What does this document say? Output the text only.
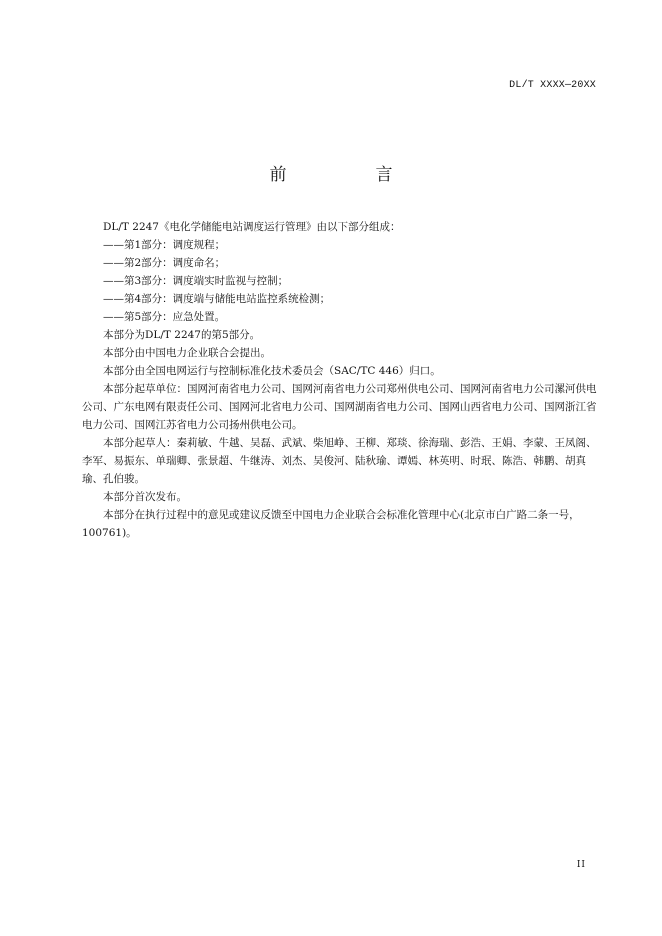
DL/T XXXX—20XX
前　言

DL/T 2247《电化学储能电站调度运行管理》由以下部分组成：

——第1部分：调度规程；

——第2部分：调度命名；

——第3部分：调度端实时监视与控制；

——第4部分：调度端与储能电站监控系统检测；

——第5部分：应急处置。

本部分为DL/T 2247的第5部分。

本部分由中国电力企业联合会提出。

本部分由全国电网运行与控制标准化技术委员会（SAC/TC 446）归口。

本部分起草单位：国网河南省电力公司、国网河南省电力公司郑州供电公司、国网河南省电力公司漯河供电公司、广东电网有限责任公司、国网河北省电力公司、国网湖南省电力公司、国网山西省电力公司、国网浙江省电力公司、国网江苏省电力公司扬州供电公司。

本部分起草人：秦莉敏、牛越、吴磊、武斌、柴旭峥、王柳、郑琰、徐海瑞、彭浩、王娟、李蒙、王凤阁、李军、易振东、单瑞卿、张景超、牛继涛、刘杰、吴俊河、陆秋瑜、谭嫣、林英明、时珉、陈浩、韩鹏、胡真瑜、孔伯骏。

本部分首次发布。

本部分在执行过程中的意见或建议反馈至中国电力企业联合会标准化管理中心(北京市白广路二条一号，100761)。

II
